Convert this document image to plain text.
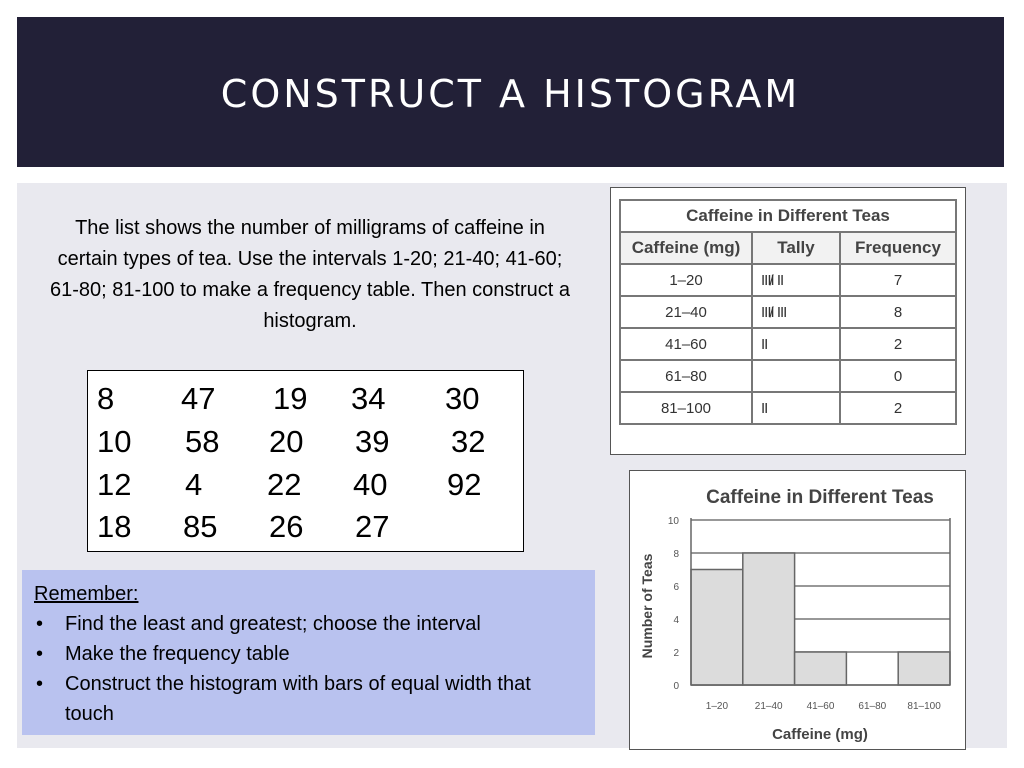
CONSTRUCT A HISTOGRAM
The list shows the number of milligrams of caffeine in certain types of tea. Use the intervals 1-20; 21-40; 41-60; 61-80; 81-100 to make a frequency table. Then construct a histogram.
8 47 19 34 30
10 58 20 39 32
12 4 22 40 92
18 85 26 27
Remember:
• Find the least and greatest; choose the interval
• Make the frequency table
• Construct the histogram with bars of equal width that touch
Caffeine in Different Teas		
Caffeine (mg)	Tally	Frequency
1–20	ΙΙΙ̸Ι ΙΙ	7
21–40	ΙΙΙ̸Ι ΙΙΙ	8
41–60	ΙΙ	2
61–80		0
81–100	ΙΙ	2
Caffeine in Different Teas
Number of Teas
Caffeine (mg)
0
2
4
6
8
10
1–20	21–40 41–60 61–80 81–100
